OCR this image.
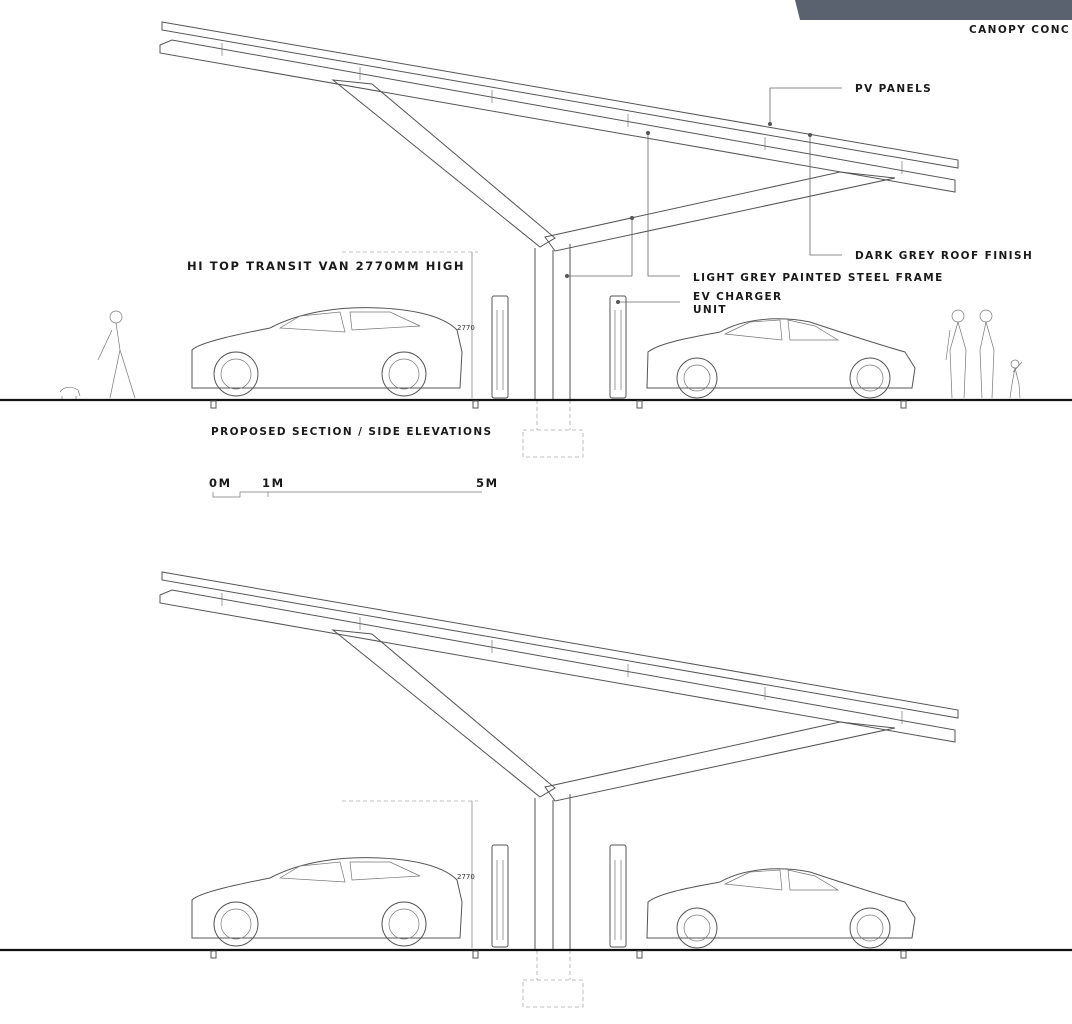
CANOPY CONC
2770
PV PANELS
DARK GREY ROOF FINISH
LIGHT GREY PAINTED STEEL FRAME
EV CHARGER
UNIT
HI TOP TRANSIT VAN 2770MM HIGH
PROPOSED SECTION / SIDE ELEVATIONS
0M	1M	5M
2770
